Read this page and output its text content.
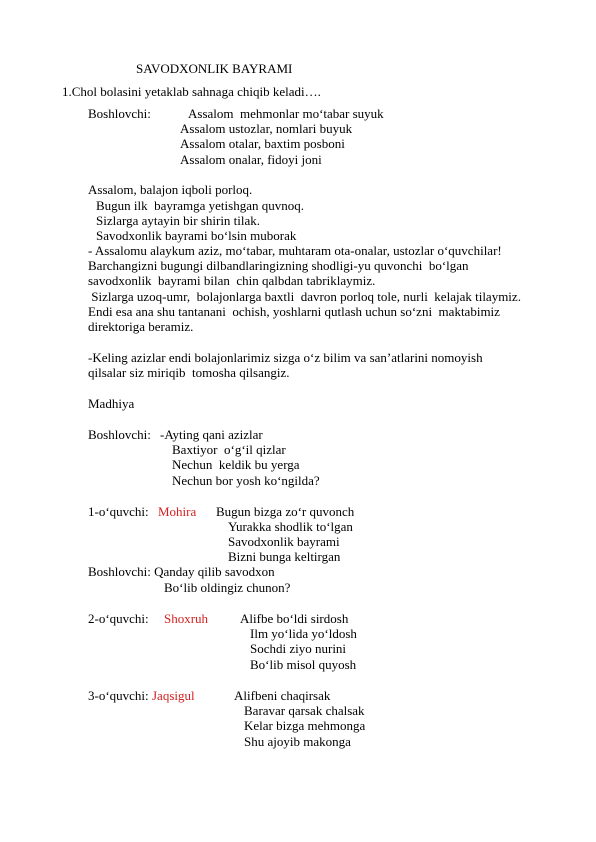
SAVODXONLIK BAYRAMI
1.Chol bolasini yetaklab sahnaga chiqib keladi….
Boshlovchi:	Assalom  mehmonlar mo‘tabar suyuk
Assalom ustozlar, nomlari buyuk
Assalom otalar, baxtim posboni
Assalom onalar, fidoyi joni
Assalom, balajon iqboli porloq.
Bugun ilk  bayramga yetishgan quvnoq.
Sizlarga aytayin bir shirin tilak.
Savodxonlik bayrami bo‘lsin muborak
- Assalomu alaykum aziz, mo‘tabar, muhtaram ota-onalar, ustozlar o‘quvchilar!
Barchangizni bugungi dilbandlaringizning shodligi-yu quvonchi  bo‘lgan
savodxonlik  bayrami bilan  chin qalbdan tabriklaymiz.
Sizlarga uzoq-umr,  bolajonlarga baxtli  davron porloq tole, nurli  kelajak tilaymiz.
Endi esa ana shu tantanani  ochish, yoshlarni qutlash uchun so‘zni  maktabimiz
direktoriga beramiz.
-Keling azizlar endi bolajonlarimiz sizga o‘z bilim va san’atlarini nomoyish
qilsalar siz miriqib  tomosha qilsangiz.
Madhiya
Boshlovchi: -Ayting qani azizlar
Baxtiyor  o‘g‘il qizlar
Nechun  keldik bu yerga
Nechun bor yosh ko‘ngilda?
1-o‘quvchi: Mohira Bugun bizga zo‘r quvonch
Yurakka shodlik to‘lgan
Savodxonlik bayrami
Bizni bunga keltirgan
Boshlovchi: Qanday qilib savodxon
Bo‘lib oldingiz chunon?
2-o‘quvchi: Shoxruh Alifbe bo‘ldi sirdosh
Ilm yo‘lida yo‘ldosh
Sochdi ziyo nurini
Bo‘lib misol quyosh
3-o‘quvchi: Jaqsigul	Alifbeni chaqirsak
Baravar qarsak chalsak
Kelar bizga mehmonga
Shu ajoyib makonga
